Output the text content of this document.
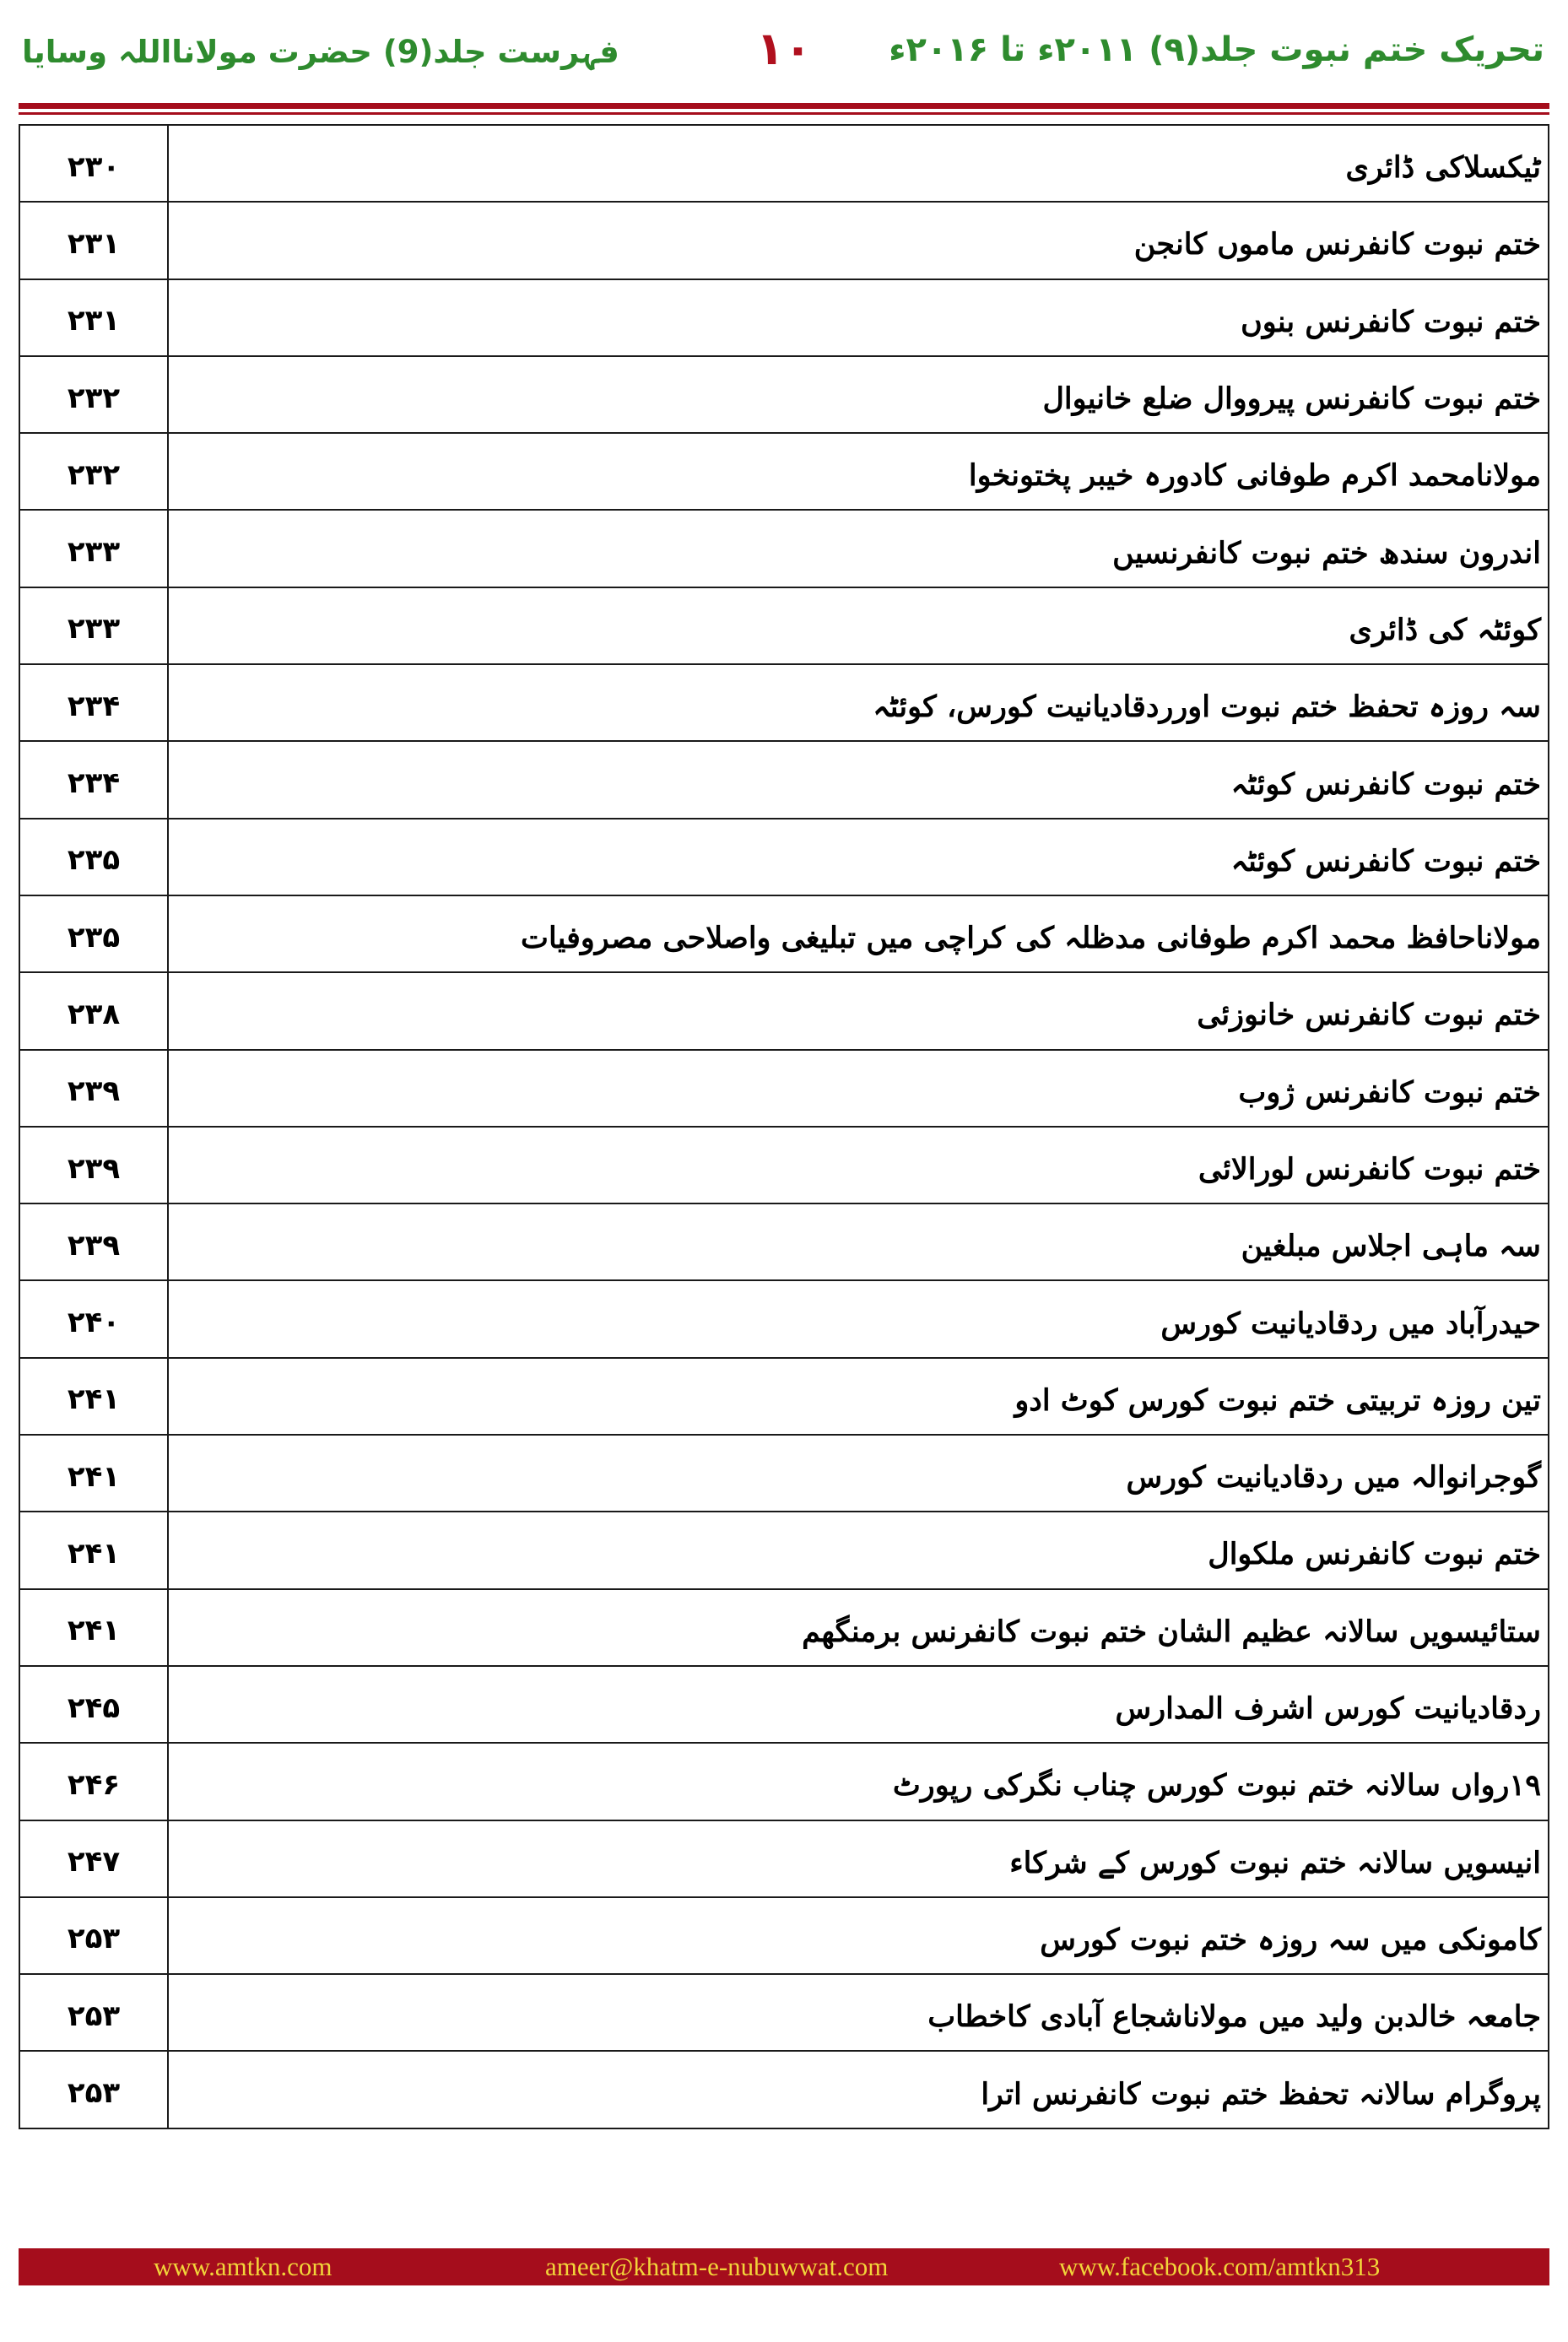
تحریک ختم نبوت جلد(۹) ۲۰۱۱ء تا ۲۰۱۶ء
۱۰
فہرست جلد(9) حضرت مولانااللہ وسایا
۲۳۰	ٹیکسلاکی ڈائری
۲۳۱	ختم نبوت کانفرنس ماموں کانجن
۲۳۱	ختم نبوت کانفرنس بنوں
۲۳۲	ختم نبوت کانفرنس پیرووال ضلع خانیوال
۲۳۲	مولانامحمد اکرم طوفانی کادورہ خیبر پختونخوا
۲۳۳	اندرون سندھ ختم نبوت کانفرنسیں
۲۳۳	کوئٹہ کی ڈائری
۲۳۴	سہ روزہ تحفظ ختم نبوت اورردقادیانیت کورس، کوئٹہ
۲۳۴	ختم نبوت کانفرنس کوئٹہ
۲۳۵	ختم نبوت کانفرنس کوئٹہ
۲۳۵	مولاناحافظ محمد اکرم طوفانی مدظلہ کی کراچی میں تبلیغی واصلاحی مصروفیات
۲۳۸	ختم نبوت کانفرنس خانوزئی
۲۳۹	ختم نبوت کانفرنس ژوب
۲۳۹	ختم نبوت کانفرنس لورالائی
۲۳۹	سہ ماہی اجلاس مبلغین
۲۴۰	حیدرآباد میں ردقادیانیت کورس
۲۴۱	تین روزہ تربیتی ختم نبوت کورس کوٹ ادو
۲۴۱	گوجرانوالہ میں ردقادیانیت کورس
۲۴۱	ختم نبوت کانفرنس ملکوال
۲۴۱	ستائیسویں سالانہ عظیم الشان ختم نبوت کانفرنس برمنگھم
۲۴۵	ردقادیانیت کورس اشرف المدارس
۲۴۶	۱۹رواں سالانہ ختم نبوت کورس چناب نگرکی رپورٹ
۲۴۷	انیسویں سالانہ ختم نبوت کورس کے شرکاء
۲۵۳	کامونکی میں سہ روزہ ختم نبوت کورس
۲۵۳	جامعہ خالدبن ولید میں مولاناشجاع آبادی کاخطاب
۲۵۳	پروگرام سالانہ تحفظ ختم نبوت کانفرنس اترا
www.amtkn.com	ameer@khatm-e-nubuwwat.com	www.facebook.com/amtkn313
